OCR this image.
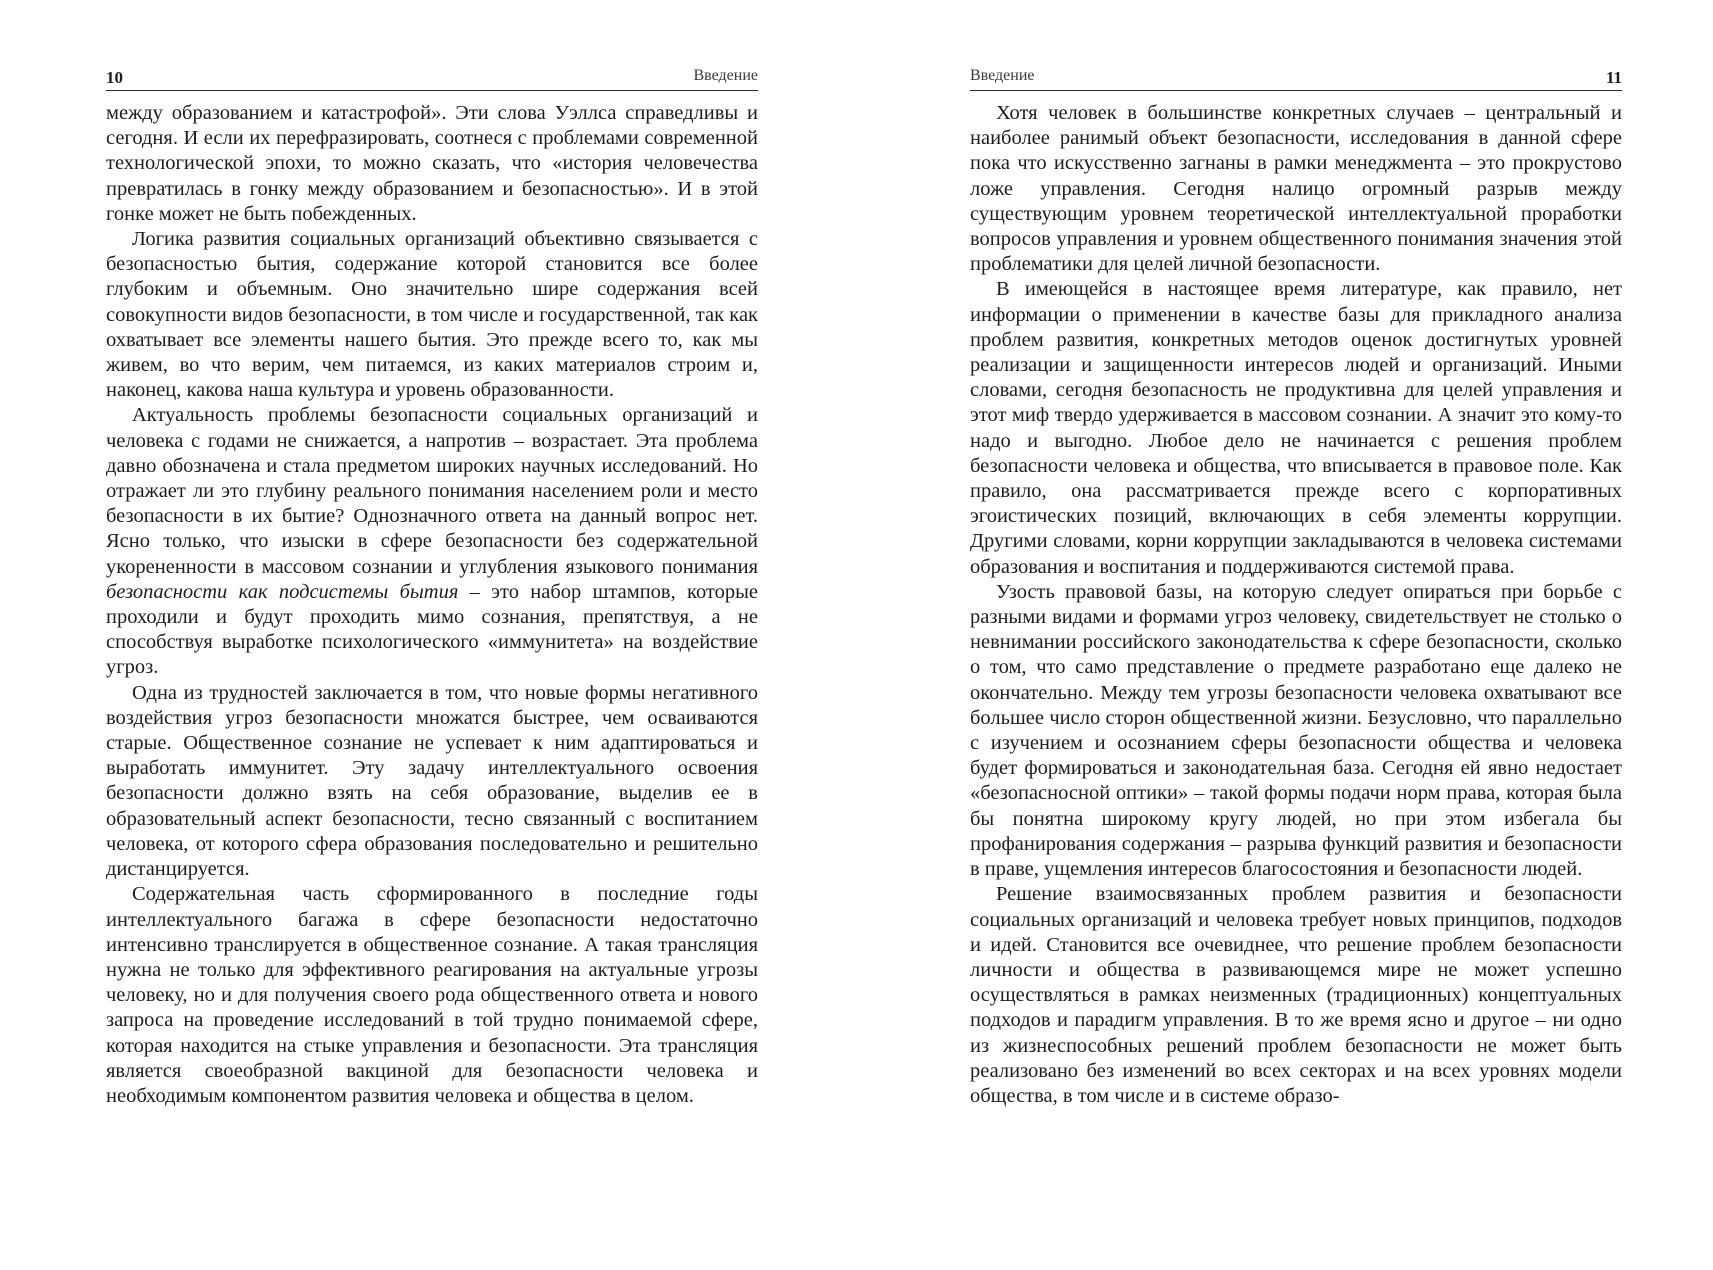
10	Введение

между образованием и катастрофой». Эти слова Уэллса справедливы и сегодня. И если их перефразировать, соотнеся с проблемами современной технологической эпохи, то можно сказать, что «история человечества превратилась в гонку между образованием и безопасностью». И в этой гонке может не быть побежденных.

Логика развития социальных организаций объективно связывается с безопасностью бытия, содержание которой становится все более глубоким и объемным. Оно значительно шире содержания всей совокупности видов безопасности, в том числе и государственной, так как охватывает все элементы нашего бытия. Это прежде всего то, как мы живем, во что верим, чем питаемся, из каких материалов строим и, наконец, какова наша культура и уровень образованности.

Актуальность проблемы безопасности социальных организаций и человека с годами не снижается, а напротив – возрастает. Эта проблема давно обозначена и стала предметом широких научных исследований. Но отражает ли это глубину реального понимания населением роли и место безопасности в их бытие? Однозначного ответа на данный вопрос нет. Ясно только, что изыски в сфере безопасности без содержательной укорененности в массовом сознании и углубления языкового понимания безопасности как подсистемы бытия – это набор штампов, которые проходили и будут проходить мимо сознания, препятствуя, а не способствуя выработке психологического «иммунитета» на воздействие угроз.

Одна из трудностей заключается в том, что новые формы негативного воздействия угроз безопасности множатся быстрее, чем осваиваются старые. Общественное сознание не успевает к ним адаптироваться и выработать иммунитет. Эту задачу интеллектуального освоения безопасности должно взять на себя образование, выделив ее в образовательный аспект безопасности, тесно связанный с воспитанием человека, от которого сфера образования последовательно и решительно дистанцируется.

Содержательная часть сформированного в последние годы интеллектуального багажа в сфере безопасности недостаточно интенсивно транслируется в общественное сознание. А такая трансляция нужна не только для эффективного реагирования на актуальные угрозы человеку, но и для получения своего рода общественного ответа и нового запроса на проведение исследований в той трудно понимаемой сфере, которая находится на стыке управления и безопасности. Эта трансляция является своеобразной вакциной для безопасности человека и необходимым компонентом развития человека и общества в целом.

Введение	11

Хотя человек в большинстве конкретных случаев – центральный и наиболее ранимый объект безопасности, исследования в данной сфере пока что искусственно загнаны в рамки менеджмента – это прокрустово ложе управления. Сегодня налицо огромный разрыв между существующим уровнем теоретической интеллектуальной проработки вопросов управления и уровнем общественного понимания значения этой проблематики для целей личной безопасности.

В имеющейся в настоящее время литературе, как правило, нет информации о применении в качестве базы для прикладного анализа проблем развития, конкретных методов оценок достигнутых уровней реализации и защищенности интересов людей и организаций. Иными словами, сегодня безопасность не продуктивна для целей управления и этот миф твердо удерживается в массовом сознании. А значит это кому-то надо и выгодно. Любое дело не начинается с решения проблем безопасности человека и общества, что вписывается в правовое поле. Как правило, она рассматривается прежде всего с корпоративных эгоистических позиций, включающих в себя элементы коррупции. Другими словами, корни коррупции закладываются в человека системами образования и воспитания и поддерживаются системой права.

Узость правовой базы, на которую следует опираться при борьбе с разными видами и формами угроз человеку, свидетельствует не столько о невнимании российского законодательства к сфере безопасности, сколько о том, что само представление о предмете разработано еще далеко не окончательно. Между тем угрозы безопасности человека охватывают все большее число сторон общественной жизни. Безусловно, что параллельно с изучением и осознанием сферы безопасности общества и человека будет формироваться и законодательная база. Сегодня ей явно недостает «безопасносной оптики» – такой формы подачи норм права, которая была бы понятна широкому кругу людей, но при этом избегала бы профанирования содержания – разрыва функций развития и безопасности в праве, ущемления интересов благосостояния и безопасности людей.

Решение взаимосвязанных проблем развития и безопасности социальных организаций и человека требует новых принципов, подходов и идей. Становится все очевиднее, что решение проблем безопасности личности и общества в развивающемся мире не может успешно осуществляться в рамках неизменных (традиционных) концептуальных подходов и парадигм управления. В то же время ясно и другое – ни одно из жизнеспособных решений проблем безопасности не может быть реализовано без изменений во всех секторах и на всех уровнях модели общества, в том числе и в системе образо-
